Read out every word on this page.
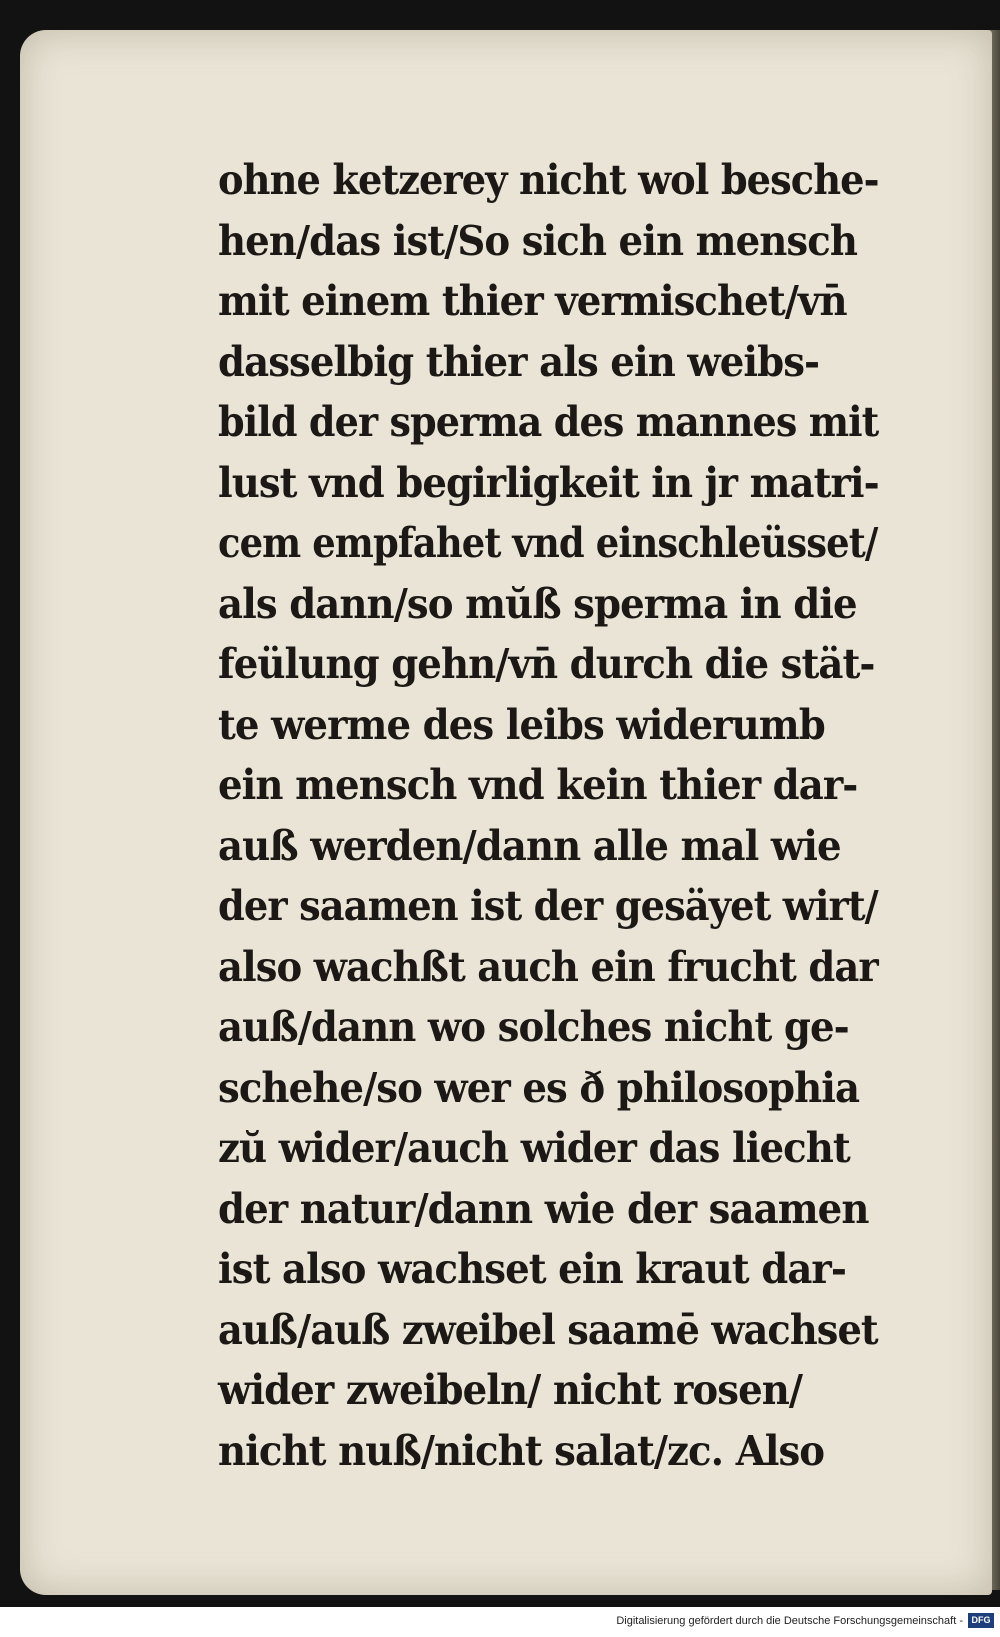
ohne ketzerey nicht wol besche-
hen/das ist/So sich ein mensch
mit einem thier vermischet/vn̄
dasselbig thier als ein weibs-
bild der sperma des mannes mit
lust vnd begirligkeit in jr matri-
cem empfahet vnd einschleüsset/
als dann/so mŭß sperma in die
feülung gehn/vn̄ durch die stät-
te werme des leibs widerumb
ein mensch vnd kein thier dar-
auß werden/dann alle mal wie
der saamen ist der gesäyet wirt/
also wachßt auch ein frucht dar
auß/dann wo solches nicht ge-
schehe/so wer es ð philosophia
zŭ wider/auch wider das liecht
der natur/dann wie der saamen
ist also wachset ein kraut dar-
auß/auß zweibel saamē wachset
wider zweibeln/ nicht rosen/
nicht nuß/nicht salat/zc. Also
Digitalisierung gefördert durch die Deutsche Forschungsgemeinschaft - DFG
